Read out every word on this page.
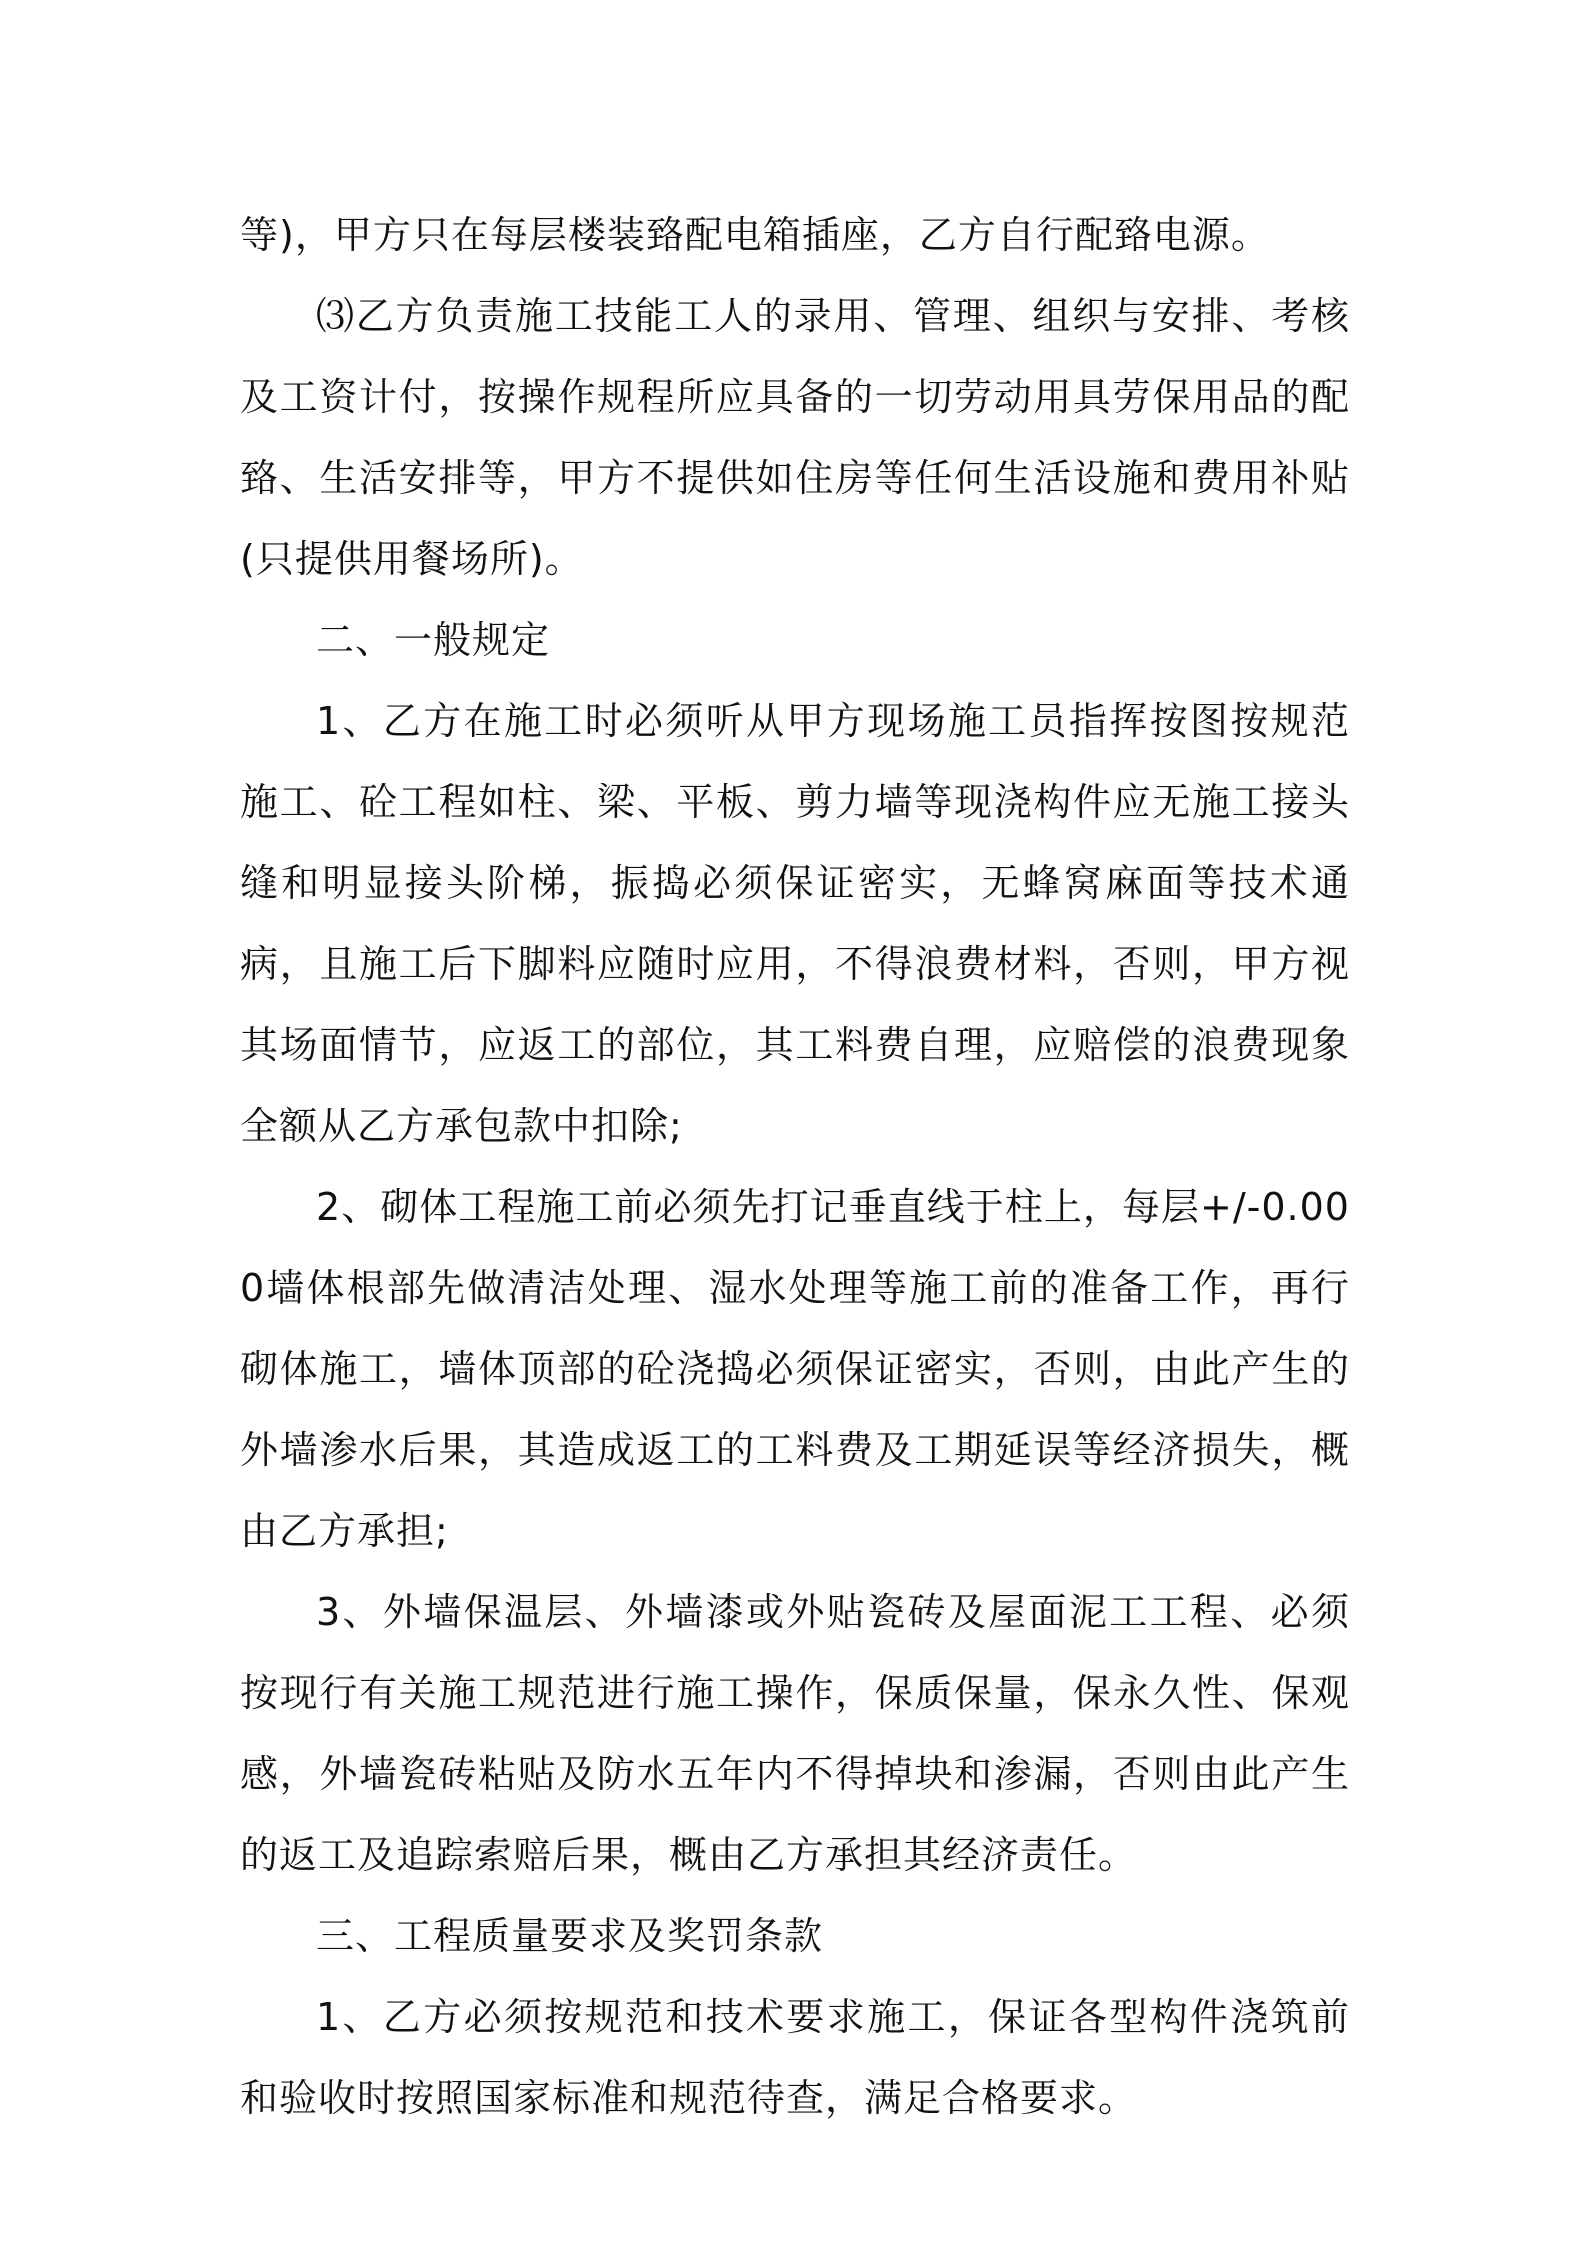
等)，甲方只在每层楼装臵配电箱插座，乙方自行配臵电源。

⑶乙方负责施工技能工人的录用、管理、组织与安排、考核及工资计付，按操作规程所应具备的一切劳动用具劳保用品的配臵、生活安排等，甲方不提供如住房等任何生活设施和费用补贴(只提供用餐场所)。

二、一般规定

1、乙方在施工时必须听从甲方现场施工员指挥按图按规范施工、砼工程如柱、梁、平板、剪力墙等现浇构件应无施工接头缝和明显接头阶梯，振捣必须保证密实，无蜂窝麻面等技术通病，且施工后下脚料应随时应用，不得浪费材料，否则，甲方视其场面情节，应返工的部位，其工料费自理，应赔偿的浪费现象全额从乙方承包款中扣除;

2、砌体工程施工前必须先打记垂直线于柱上，每层+/-0.000墙体根部先做清洁处理、湿水处理等施工前的准备工作，再行砌体施工，墙体顶部的砼浇捣必须保证密实，否则，由此产生的外墙渗水后果，其造成返工的工料费及工期延误等经济损失，概由乙方承担;

3、外墙保温层、外墙漆或外贴瓷砖及屋面泥工工程、必须按现行有关施工规范进行施工操作，保质保量，保永久性、保观感，外墙瓷砖粘贴及防水五年内不得掉块和渗漏，否则由此产生的返工及追踪索赔后果，概由乙方承担其经济责任。

三、工程质量要求及奖罚条款

1、乙方必须按规范和技术要求施工，保证各型构件浇筑前和验收时按照国家标准和规范待查，满足合格要求。
